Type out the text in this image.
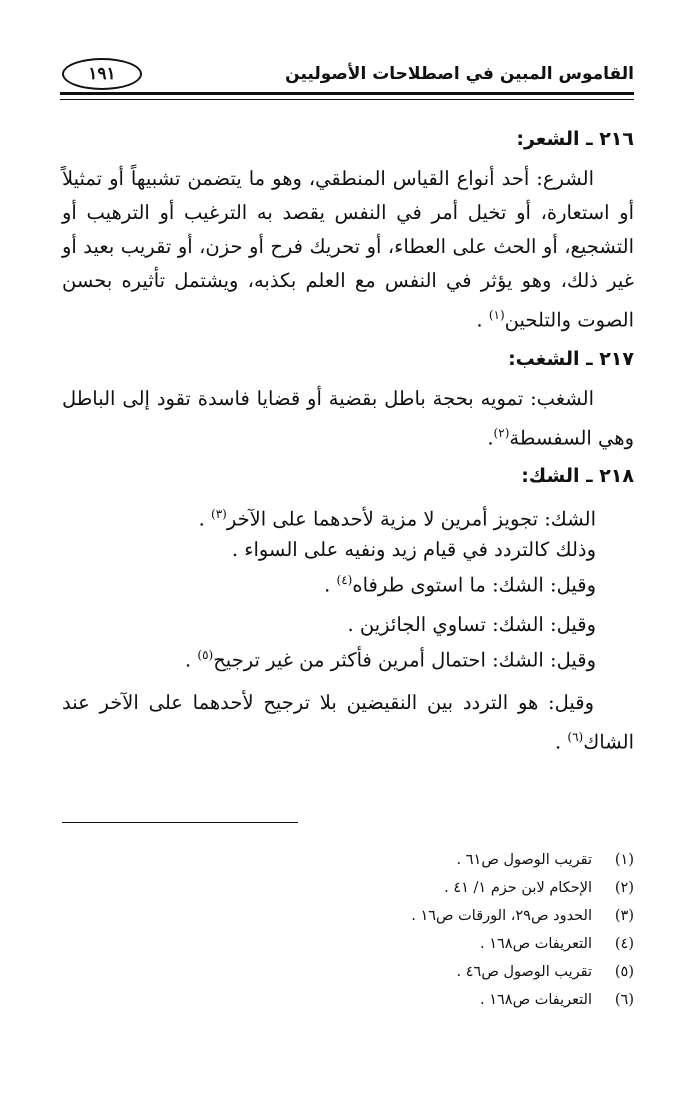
القاموس المبين في اصطلاحات الأصوليين
١٩١
٢١٦ ـ الشعر:

الشرع: أحد أنواع القياس المنطقي، وهو ما يتضمن تشبيهاً أو تمثيلاً أو استعارة، أو تخيل أمر في النفس يقصد به الترغيب أو الترهيب أو التشجيع، أو الحث على العطاء، أو تحريك فرح أو حزن، أو تقريب بعيد أو غير ذلك، وهو يؤثر في النفس مع العلم بكذبه، ويشتمل تأثيره بحسن الصوت والتلحين$^{(١)}$ .

٢١٧ ـ الشغب:

الشغب: تمويه بحجة باطل بقضية أو قضايا فاسدة تقود إلى الباطل وهي السفسطة$^{(٢)}$.

٢١٨ ـ الشك:
الشك: تجويز أمرين لا مزية لأحدهما على الآخر$^{(٣)}$ .
وذلك كالتردد في قيام زيد ونفيه على السواء .
وقيل: الشك: ما استوى طرفاه$^{(٤)}$ .
وقيل: الشك: تساوي الجائزين .
وقيل: الشك: احتمال أمرين فأكثر من غير ترجيح$^{(٥)}$ .

وقيل: هو التردد بين النقيضين بلا ترجيح لأحدهما على الآخر عند الشاك$^{(٦)}$ .

(١)تقريب الوصول ص٦١ .
(٢)الإحكام لابن حزم ١/ ٤١ .
(٣)الحدود ص٢٩، الورقات ص١٦ .
(٤)التعريفات ص١٦٨ .
(٥)تقريب الوصول ص٤٦ .
(٦)التعريفات ص١٦٨ .
